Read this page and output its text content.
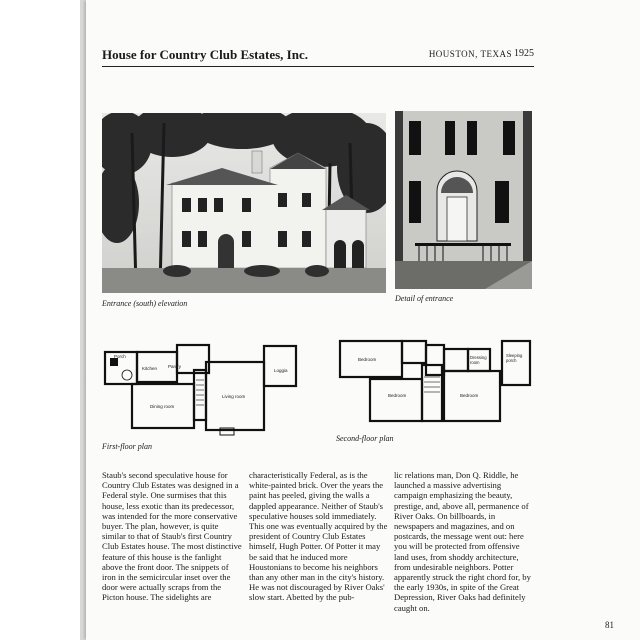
House for Country Club Estates, Inc.	HOUSTON, TEXAS 1925
Entrance (south) elevation
Detail of entrance
Porch
Kitchen Pantry
Dining room
Living room
Loggia
First-floor plan
Bedroom
Bedroom	Bedroom
Dressing room
Sleeping porch
Second-floor plan

Staub's second speculative house for Country Club Estates was designed in a Federal style. One surmises that this house, less exotic than its predecessor, was intended for the more conservative buyer. The plan, however, is quite similar to that of Staub's first Country Club Estates house. The most distinctive feature of this house is the fanlight above the front door. The snippets of iron in the semicircular inset over the door were actually scraps from the Picton house. The sidelights are

characteristically Federal, as is the white-painted brick. Over the years the paint has peeled, giving the walls a dappled appearance. Neither of Staub's speculative houses sold immediately. This one was eventually acquired by the president of Country Club Estates himself, Hugh Potter. Of Potter it may be said that he induced more Houstonians to become his neighbors than any other man in the city's history. He was not discouraged by River Oaks' slow start. Abetted by the pub-

lic relations man, Don Q. Riddle, he launched a massive advertising campaign emphasizing the beauty, prestige, and, above all, permanence of River Oaks. On billboards, in newspapers and magazines, and on postcards, the message went out: here you will be protected from offensive land uses, from shoddy architecture, from undesirable neighbors. Potter apparently struck the right chord for, by the early 1930s, in spite of the Great Depression, River Oaks had definitely caught on.

81
